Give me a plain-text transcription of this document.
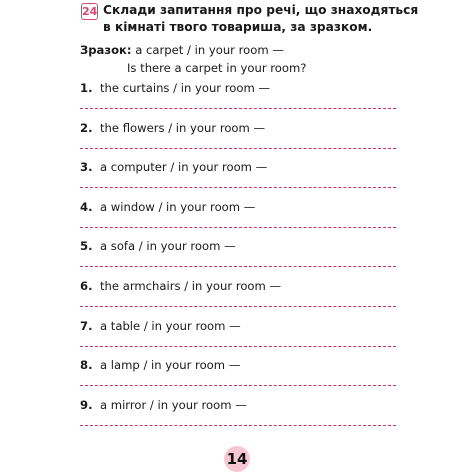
24 Склади запитання про речі, що знаходяться в кімнаті твого товариша, за зразком.
Зразок: a carpet / in your room —
Is there a carpet in your room?
1. the curtains / in your room —
2. the flowers / in your room —
3. a computer / in your room —
4. a window / in your room —
5. a sofa / in your room —
6. the armchairs / in your room —
7. a table / in your room —
8. a lamp / in your room —
9. a mirror / in your room —
14
